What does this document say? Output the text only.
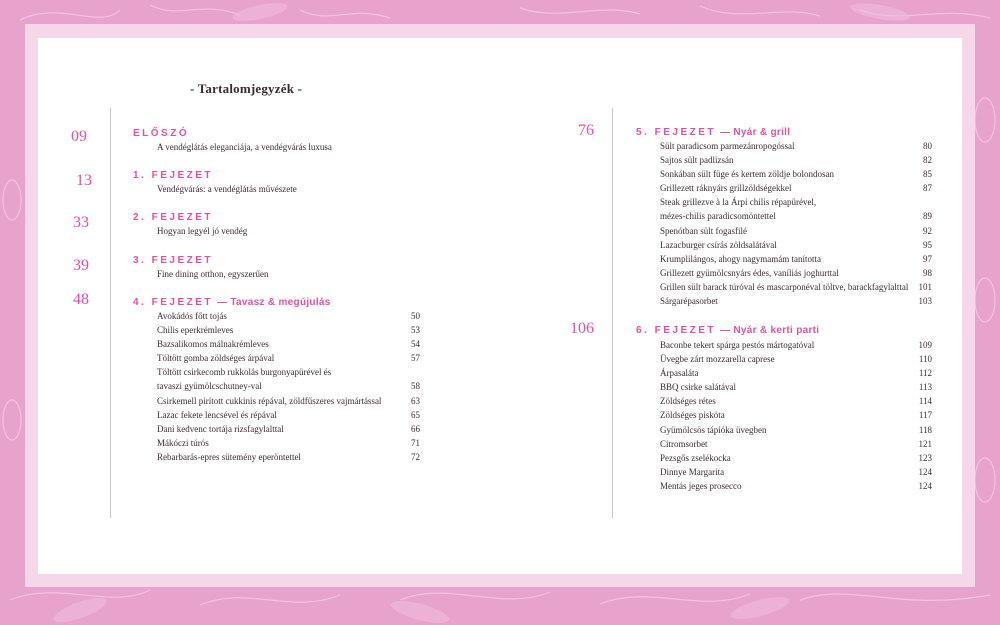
- Tartalomjegyzék -
09	ELŐSZÓ
A vendéglátás eleganciája, a vendégvárás luxusa
13	1. FEJEZET
Vendégvárás: a vendéglátás művészete
33	2. FEJEZET
Hogyan legyél jó vendég
39	3. FEJEZET
Fine dining otthon, egyszerűen
48	4. FEJEZET — Tavasz & megújulás
Avokádós főtt tojás	50
Chilis eperkrémleves	53
Bazsalikomos málnakrémleves	54
Töltött gomba zöldséges árpával	57
Töltött csirkecomb rukkolás burgonyapürével és
tavaszi gyümölcschutney-val	58
Csirkemell pirított cukkinis répával, zöldfűszeres vajmártással	63
Lazac fekete lencsével és répával	65
Dani kedvenc tortája rizsfagylalttal	66
Mákóczi túrós	71
Rebarbarás-epres sütemény eperöntettel	72
76	5. FEJEZET — Nyár & grill
Sült paradicsom parmezánropogóssal	80
Sajtos sült padlizsán	82
Sonkában sült füge és kertem zöldje bolondosan	85
Grillezett ráknyárs grillzöldségekkel	87
Steak grillezve à la Árpi chilis répapürével,
mézes-chilis paradicsomöntettel	89
Spenótban sült fogasfilé	92
Lazacburger csírás zöldsalátával	95
Krumplilángos, ahogy nagymamám tanította	97
Grillezett gyümölcsnyárs édes, vaníliás joghurttal	98
Grillen sült barack túróval és mascarponéval töltve, barackfagylalttal 101
Sárgarépasorbet	103
106	6. FEJEZET — Nyár & kerti parti
Baconbe tekert spárga pestós mártogatóval	109
Üvegbe zárt mozzarella caprese	110
Árpasaláta	112
BBQ csirke salátával	113
Zöldséges rétes	114
Zöldséges piskóta	117
Gyümölcsös tápióka üvegben	118
Citromsorbet	121
Pezsgős zselékocka	123
Dinnye Margarita	124
Mentás jeges prosecco	124
